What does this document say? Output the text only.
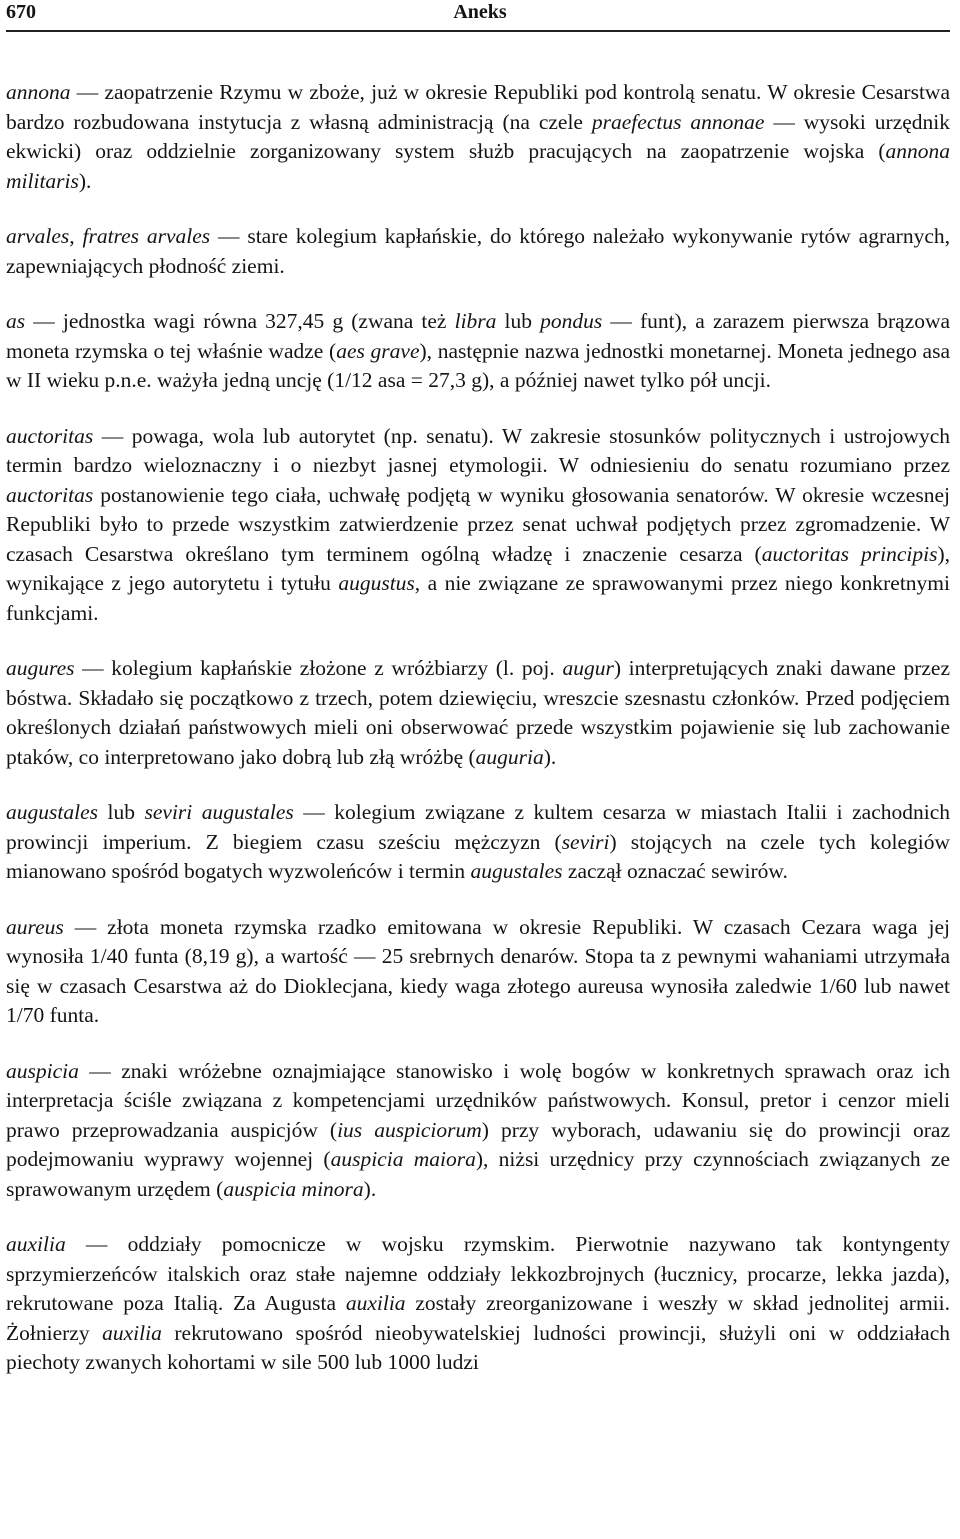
670	Aneks

annona — zaopatrzenie Rzymu w zboże, już w okresie Republiki pod kontrolą senatu. W okresie Cesarstwa bardzo rozbudowana instytucja z własną administracją (na czele praefectus annonae — wysoki urzędnik ekwicki) oraz oddzielnie zorganizowany system służb pracujących na zaopatrzenie wojska (annona militaris).

arvales, fratres arvales — stare kolegium kapłańskie, do którego należało wykonywanie rytów agrarnych, zapewniających płodność ziemi.

as — jednostka wagi równa 327,45 g (zwana też libra lub pondus — funt), a zarazem pierwsza brązowa moneta rzymska o tej właśnie wadze (aes grave), następnie nazwa jednostki monetarnej. Moneta jednego asa w II wieku p.n.e. ważyła jedną uncję (1/12 asa = 27,3 g), a później nawet tylko pół uncji.

auctoritas — powaga, wola lub autorytet (np. senatu). W zakresie stosunków politycznych i ustrojowych termin bardzo wieloznaczny i o niezbyt jasnej etymologii. W odniesieniu do senatu rozumiano przez auctoritas postanowienie tego ciała, uchwałę podjętą w wyniku głosowania senatorów. W okresie wczesnej Republiki było to przede wszystkim zatwierdzenie przez senat uchwał podjętych przez zgromadzenie. W czasach Cesarstwa określano tym terminem ogólną władzę i znaczenie cesarza (auctoritas principis), wynikające z jego autorytetu i tytułu augustus, a nie związane ze sprawowanymi przez niego konkretnymi funkcjami.

augures — kolegium kapłańskie złożone z wróżbiarzy (l. poj. augur) interpretujących znaki dawane przez bóstwa. Składało się początkowo z trzech, potem dziewięciu, wreszcie szesnastu członków. Przed podjęciem określonych działań państwowych mieli oni obserwować przede wszystkim pojawienie się lub zachowanie ptaków, co interpretowano jako dobrą lub złą wróżbę (auguria).

augustales lub seviri augustales — kolegium związane z kultem cesarza w miastach Italii i zachodnich prowincji imperium. Z biegiem czasu sześciu mężczyzn (seviri) stojących na czele tych kolegiów mianowano spośród bogatych wyzwoleńców i termin augustales zaczął oznaczać sewirów.

aureus — złota moneta rzymska rzadko emitowana w okresie Republiki. W czasach Cezara waga jej wynosiła 1/40 funta (8,19 g), a wartość — 25 srebrnych denarów. Stopa ta z pewnymi wahaniami utrzymała się w czasach Cesarstwa aż do Dioklecjana, kiedy waga złotego aureusa wynosiła zaledwie 1/60 lub nawet 1/70 funta.

auspicia — znaki wróżebne oznajmiające stanowisko i wolę bogów w konkretnych sprawach oraz ich interpretacja ściśle związana z kompetencjami urzędników państwowych. Konsul, pretor i cenzor mieli prawo przeprowadzania auspicjów (ius auspiciorum) przy wyborach, udawaniu się do prowincji oraz podejmowaniu wyprawy wojennej (auspicia maiora), niżsi urzędnicy przy czynnościach związanych ze sprawowanym urzędem (auspicia minora).

auxilia — oddziały pomocnicze w wojsku rzymskim. Pierwotnie nazywano tak kontyngenty sprzymierzeńców italskich oraz stałe najemne oddziały lekkozbrojnych (łucznicy, procarze, lekka jazda), rekrutowane poza Italią. Za Augusta auxilia zostały zreorganizowane i weszły w skład jednolitej armii. Żołnierzy auxilia rekrutowano spośród nieobywatelskiej ludności prowincji, służyli oni w oddziałach piechoty zwanych kohortami w sile 500 lub 1000 ludzi
